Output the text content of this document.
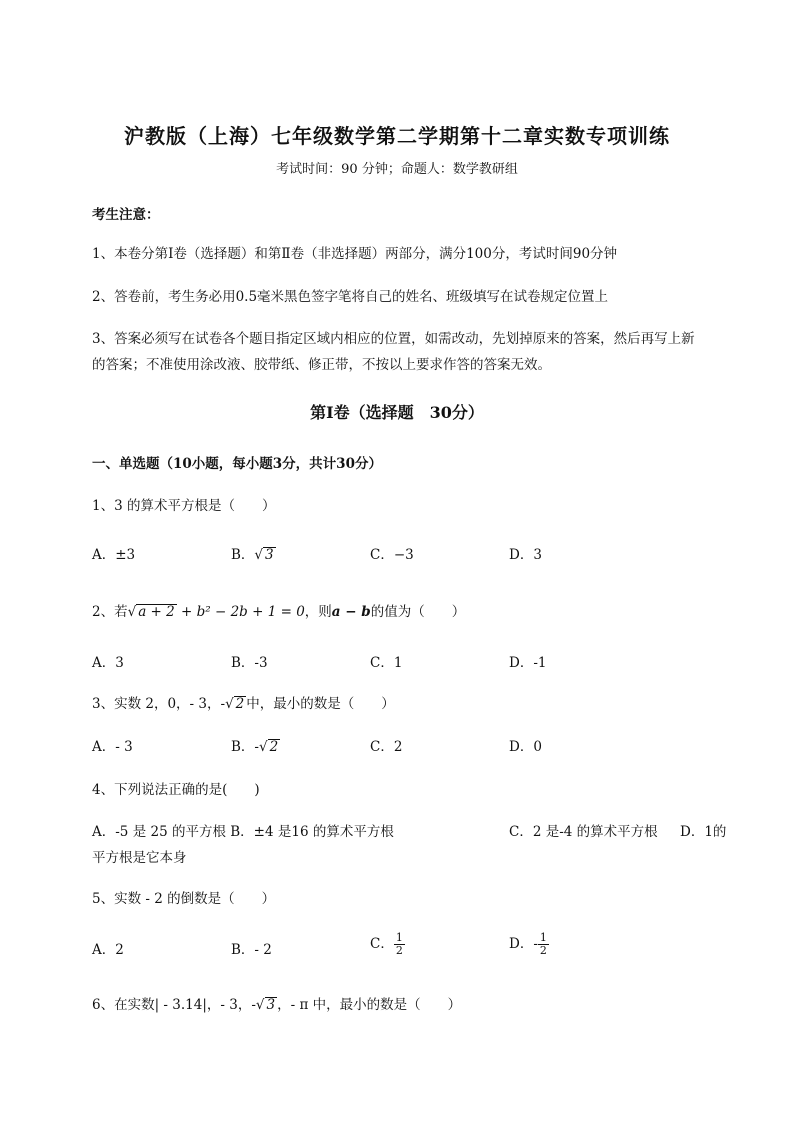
沪教版（上海）七年级数学第二学期第十二章实数专项训练
考试时间：90 分钟；命题人：数学教研组
考生注意：
1、本卷分第Ⅰ卷（选择题）和第Ⅱ卷（非选择题）两部分，满分100分，考试时间90分钟
2、答卷前，考生务必用0.5毫米黑色签字笔将自己的姓名、班级填写在试卷规定位置上
3、答案必须写在试卷各个题目指定区域内相应的位置，如需改动，先划掉原来的答案，然后再写上新
的答案；不准使用涂改液、胶带纸、修正带，不按以上要求作答的答案无效。
第Ⅰ卷（选择题　30分）
一、单选题（10小题，每小题3分，共计30分）
1、3 的算术平方根是（　　）
A．±3	B．√ 3	C．−3	D．3
2、若√ a + 2 + b² − 2b + 1 = 0，则a − b的值为（　　）
A．3	B．-3	C．1	D．-1
3、实数 2，0，- 3，-√ 2 中，最小的数是（　　）
A．- 3	B．-√ 2	C．2	D．0
4、下列说法正确的是(　　)
A．-5 是 25 的平方根 B．±4 是16 的算术平方根	C．2 是-4 的算术平方根 D．1的
平方根是它本身
5、实数 - 2 的倒数是（　　）
A．2	B．- 2	C． $\frac{1}{2}$	D．- $\frac{1}{2}$
6、在实数| - 3.14|，- 3，-√ 3 ，- π 中，最小的数是（　　）
